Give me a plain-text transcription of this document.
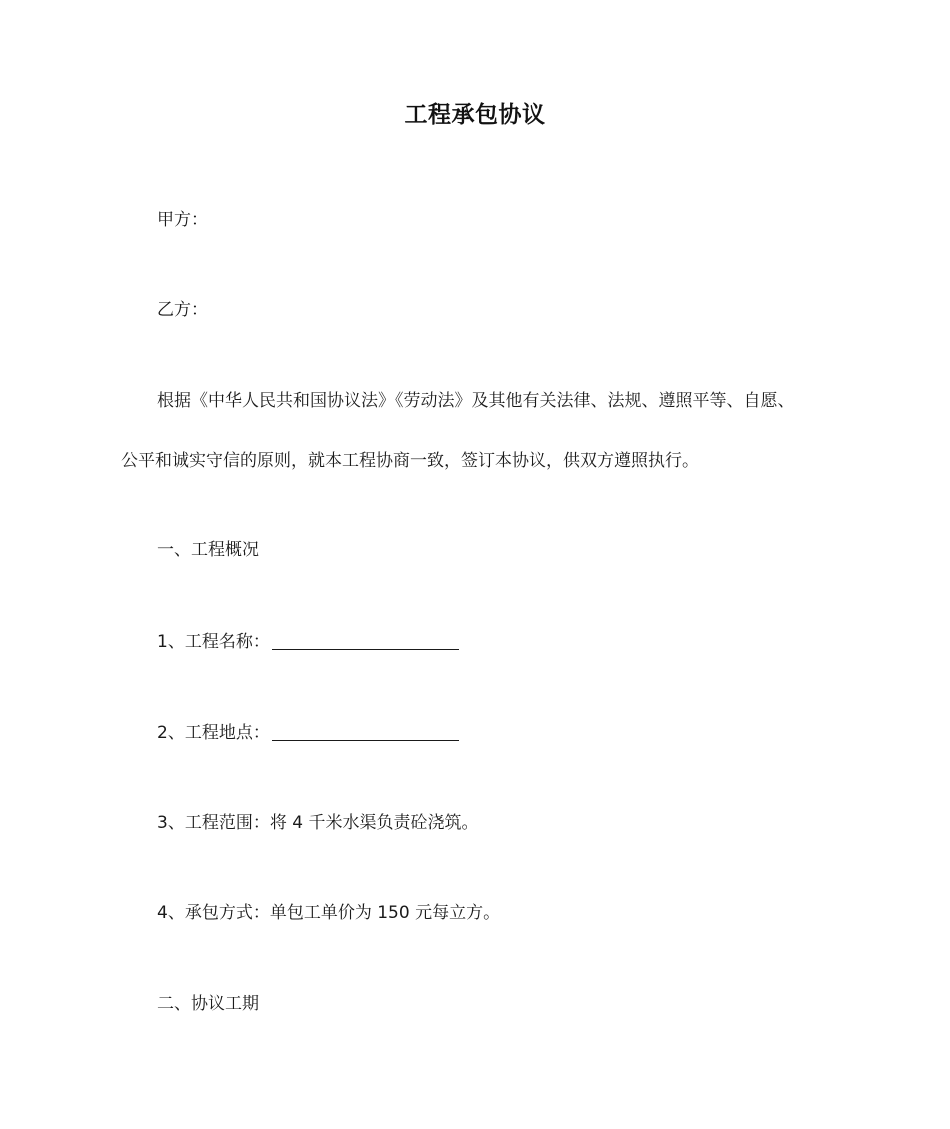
工程承包协议
甲方：
乙方：
根据《中华人民共和国协议法》《劳动法》及其他有关法律、法规、遵照平等、自愿、
公平和诚实守信的原则，就本工程协商一致，签订本协议，供双方遵照执行。
一、工程概况
1、工程名称：
2、工程地点：
3、工程范围：将 4 千米水渠负责砼浇筑。
4、承包方式：单包工单价为 150 元每立方。
二、协议工期
